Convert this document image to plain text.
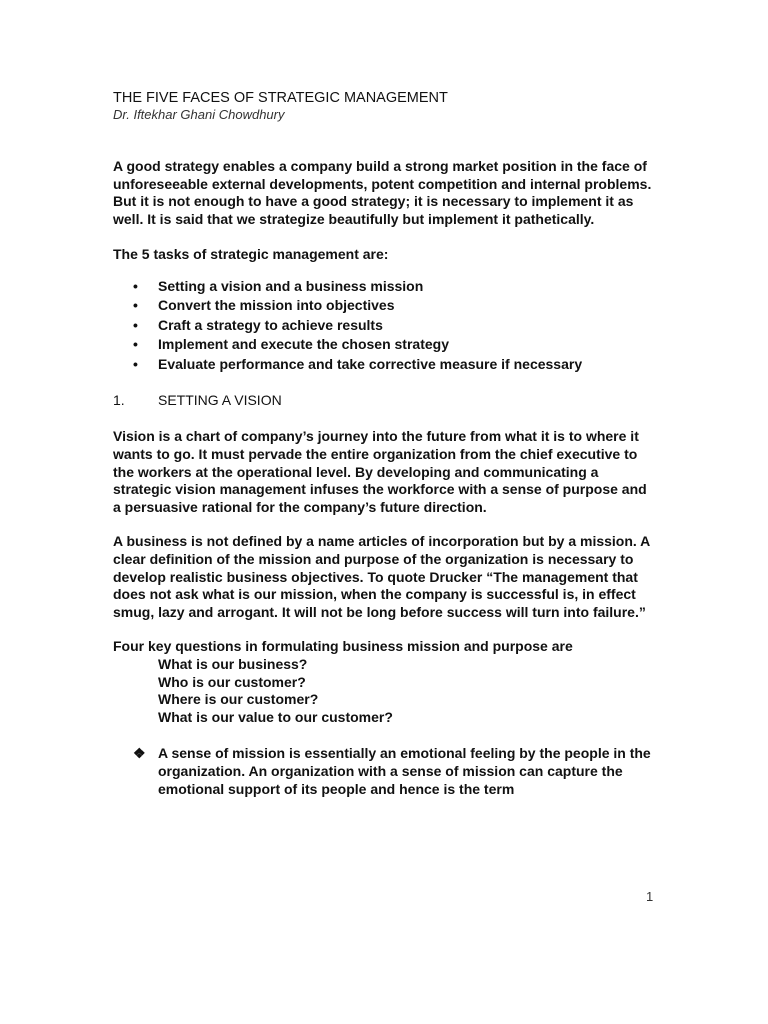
THE FIVE FACES OF STRATEGIC MANAGEMENT

Dr. Iftekhar Ghani Chowdhury

A good strategy enables a company build a strong market position in the face of unforeseeable external developments, potent competition and internal problems. But it is not enough to have a good strategy; it is necessary to implement it as well. It is said that we strategize beautifully but implement it pathetically.

The 5 tasks of strategic management are:

• Setting a vision and a business mission
• Convert the mission into objectives
• Craft a strategy to achieve results
• Implement and execute the chosen strategy
• Evaluate performance and take corrective measure if necessary

1. SETTING A VISION

Vision is a chart of company’s journey into the future from what it is to where it wants to go. It must pervade the entire organization from the chief executive to the workers at the operational level. By developing and communicating a strategic vision management infuses the workforce with a sense of purpose and a persuasive rational for the company’s future direction.

A business is not defined by a name articles of incorporation but by a mission. A clear definition of the mission and purpose of the organization is necessary to develop realistic business objectives. To quote Drucker “The management that does not ask what is our mission, when the company is successful is, in effect smug, lazy and arrogant. It will not be long before success will turn into failure.”

Four key questions in formulating business mission and purpose are

What is our business?
Who is our customer?
Where is our customer?
What is our value to our customer?

❖ A sense of mission is essentially an emotional feeling by the people in the organization. An organization with a sense of mission can capture the emotional support of its people and hence is the term

1
